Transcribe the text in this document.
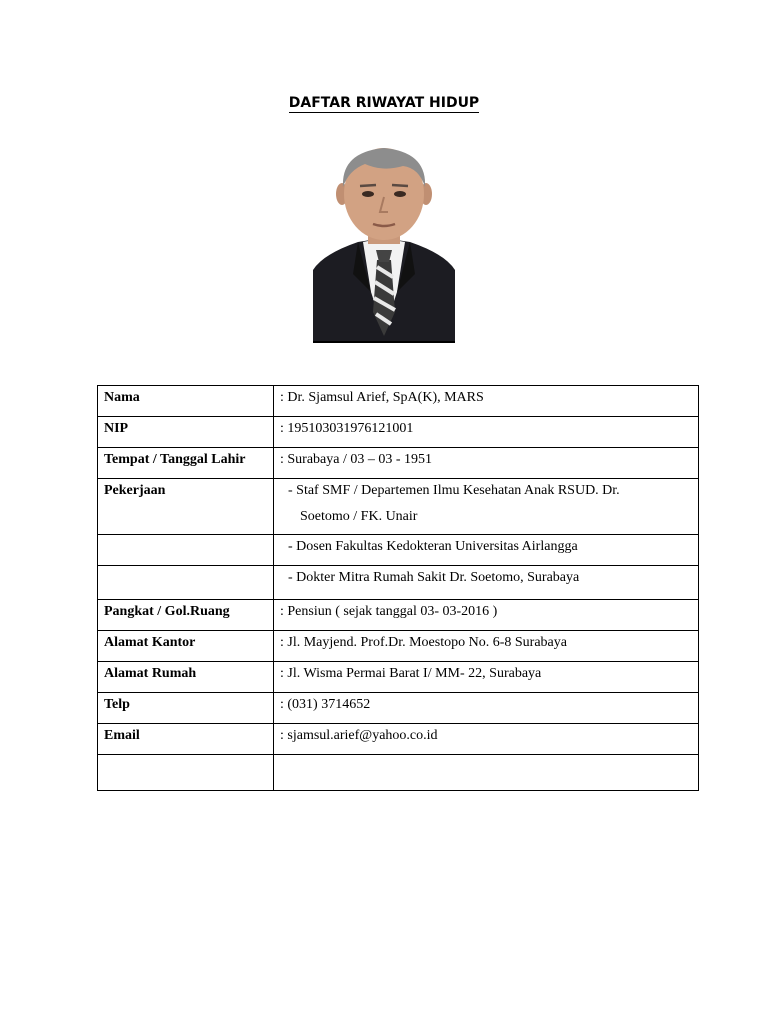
DAFTAR RIWAYAT HIDUP
Nama	: Dr. Sjamsul Arief, SpA(K), MARS
NIP	: 195103031976121001
Tempat / Tanggal Lahir	: Surabaya / 03 – 03 - 1951
Pekerjaan	- Staf SMF / Departemen Ilmu Kesehatan Anak RSUD. Dr.
Soetomo / FK. Unair

	- Dosen Fakultas Kedokteran Universitas Airlangga
	- Dokter Mitra Rumah Sakit Dr. Soetomo, Surabaya
Pangkat / Gol.Ruang	: Pensiun ( sejak tanggal 03- 03-2016 )
Alamat Kantor	: Jl. Mayjend. Prof.Dr. Moestopo No. 6-8 Surabaya
Alamat Rumah	: Jl. Wisma Permai Barat I/ MM- 22, Surabaya
Telp	: (031) 3714652
Email	: sjamsul.arief@yahoo.co.id
